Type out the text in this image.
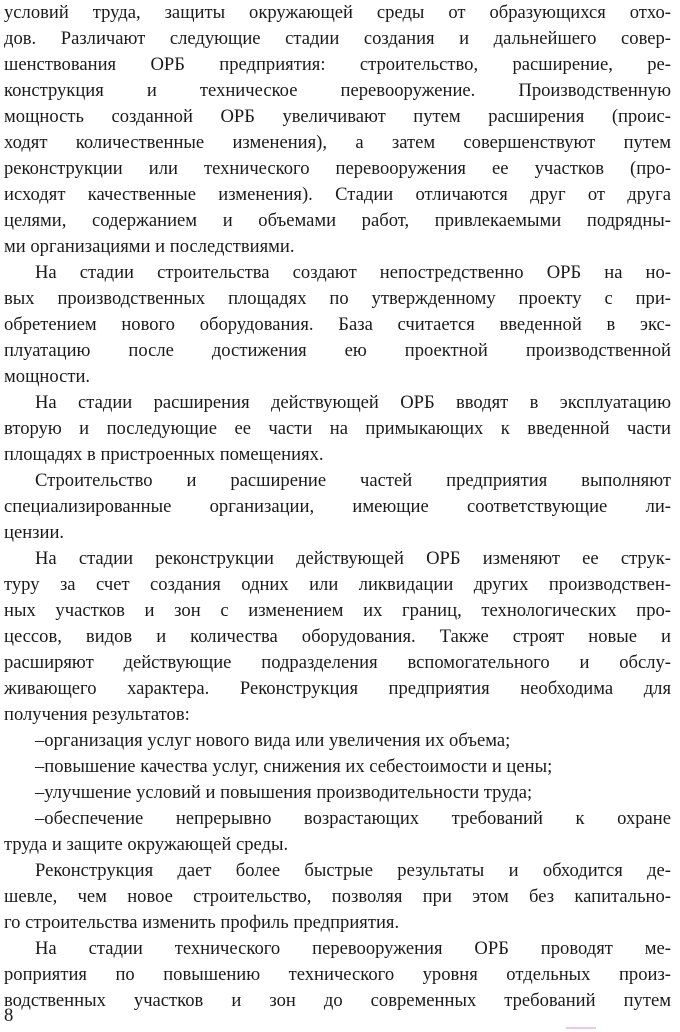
условий труда, защиты окружающей среды от образующихся отхо-
дов. Различают следующие стадии создания и дальнейшего совер-
шенствования ОРБ предприятия: строительство, расширение, ре-
конструкция и техническое перевооружение. Производственную
мощность созданной ОРБ увеличивают путем расширения (проис-
ходят количественные изменения), а затем совершенствуют путем
реконструкции или технического перевооружения ее участков (про-
исходят качественные изменения). Стадии отличаются друг от друга
целями, содержанием и объемами работ, привлекаемыми подрядны-
ми организациями и последствиями.
На стадии строительства создают непостредственно ОРБ на но-
вых производственных площадях по утвержденному проекту с при-
обретением нового оборудования. База считается введенной в экс-
плуатацию после достижения ею проектной производственной
мощности.
На стадии расширения действующей ОРБ вводят в эксплуатацию
вторую и последующие ее части на примыкающих к введенной части
площадях в пристроенных помещениях.
Строительство и расширение частей предприятия выполняют
специализированные организации, имеющие соответствующие ли-
цензии.
На стадии реконструкции действующей ОРБ изменяют ее струк-
туру за счет создания одних или ликвидации других производствен-
ных участков и зон с изменением их границ, технологических про-
цессов, видов и количества оборудования. Также строят новые и
расширяют действующие подразделения вспомогательного и обслу-
живающего характера. Реконструкция предприятия необходима для
получения результатов:
–организация услуг нового вида или увеличения их объема;
–повышение качества услуг, снижения их себестоимости и цены;
–улучшение условий и повышения производительности труда;
–обеспечение непрерывно возрастающих требований к охране
труда и защите окружающей среды.
Реконструкция дает более быстрые результаты и обходится де-
шевле, чем новое строительство, позволяя при этом без капитально-
го строительства изменить профиль предприятия.
На стадии технического перевооружения ОРБ проводят ме-
роприятия по повышению технического уровня отдельных произ-
водственных участков и зон до современных требований путем
8
